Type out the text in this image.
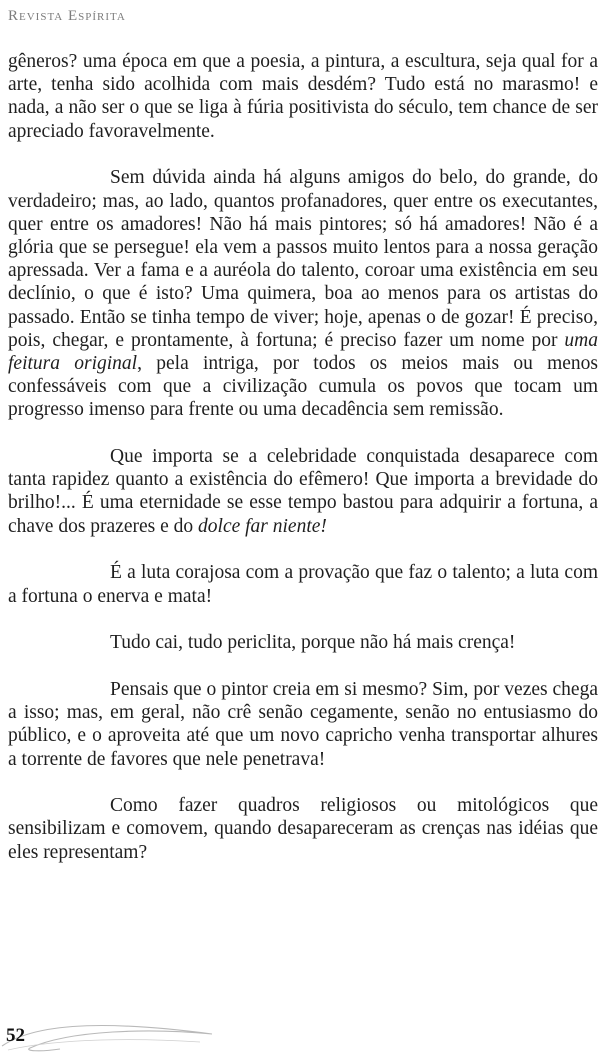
Revista Espírita

gêneros? uma época em que a poesia, a pintura, a escultura, seja qual for a arte, tenha sido acolhida com mais desdém? Tudo está no marasmo! e nada, a não ser o que se liga à fúria positivista do século, tem chance de ser apreciado favoravelmente.

Sem dúvida ainda há alguns amigos do belo, do grande, do verdadeiro; mas, ao lado, quantos profanadores, quer entre os executantes, quer entre os amadores! Não há mais pintores; só há amadores! Não é a glória que se persegue! ela vem a passos muito lentos para a nossa geração apressada. Ver a fama e a auréola do talento, coroar uma existência em seu declínio, o que é isto? Uma quimera, boa ao menos para os artistas do passado. Então se tinha tempo de viver; hoje, apenas o de gozar! É preciso, pois, chegar, e prontamente, à fortuna; é preciso fazer um nome por uma feitura original, pela intriga, por todos os meios mais ou menos confessáveis com que a civilização cumula os povos que tocam um progresso imenso para frente ou uma decadência sem remissão.

Que importa se a celebridade conquistada desaparece com tanta rapidez quanto a existência do efêmero! Que importa a brevidade do brilho!... É uma eternidade se esse tempo bastou para adquirir a fortuna, a chave dos prazeres e do dolce far niente!

É a luta corajosa com a provação que faz o talento; a luta com a fortuna o enerva e mata!

Tudo cai, tudo periclita, porque não há mais crença!

Pensais que o pintor creia em si mesmo? Sim, por vezes chega a isso; mas, em geral, não crê senão cegamente, senão no entusiasmo do público, e o aproveita até que um novo capricho venha transportar alhures a torrente de favores que nele penetrava!

Como fazer quadros religiosos ou mitológicos que sensibilizam e comovem, quando desapareceram as crenças nas idéias que eles representam?

52
